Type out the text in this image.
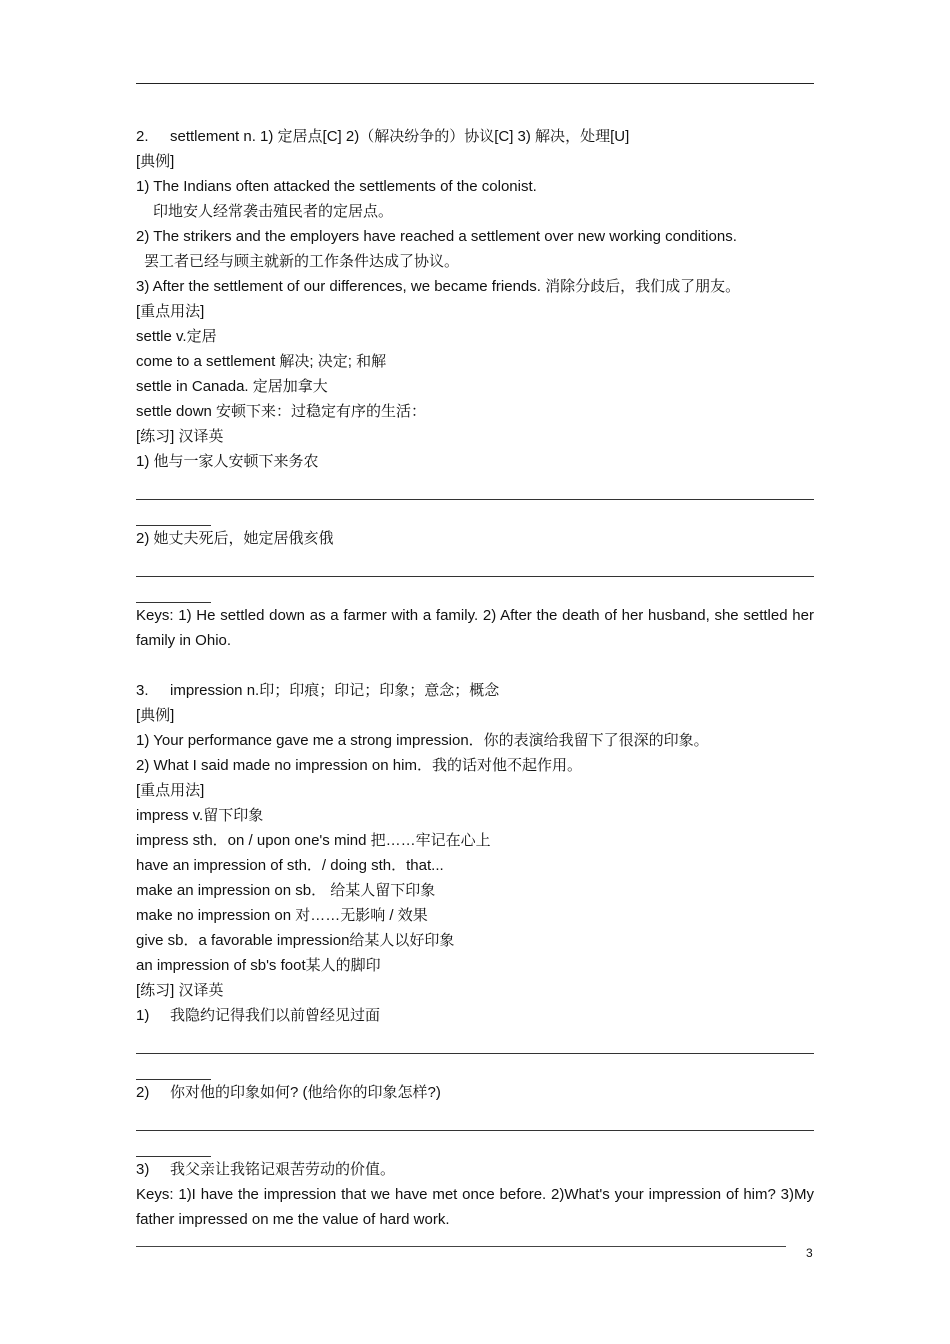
2. settlement n. 1) 定居点[C] 2)（解决纷争的）协议[C] 3) 解决，处理[U]
[典例]
1) The Indians often attacked the settlements of the colonist.
印地安人经常袭击殖民者的定居点。
2) The strikers and the employers have reached a settlement over new working conditions.
罢工者已经与顾主就新的工作条件达成了协议。
3) After the settlement of our differences, we became friends. 消除分歧后，我们成了朋友。
[重点用法]
settle v.定居
come to a settlement 解决; 决定; 和解
settle in Canada. 定居加拿大
settle down 安顿下来：过稳定有序的生活：
[练习] 汉译英
1) 他与一家人安顿下来务农
2) 她丈夫死后，她定居俄亥俄
Keys: 1) He settled down as a farmer with a family. 2) After the death of her husband, she settled her family in Ohio.
3. impression n.印；印痕；印记；印象；意念；概念
[典例]
1) Your performance gave me a strong impression．你的表演给我留下了很深的印象。
2) What I said made no impression on him．我的话对他不起作用。
[重点用法]
impress v.留下印象
impress sth．on / upon one's mind 把……牢记在心上
have an impression of sth．/ doing sth．that...
make an impression on sb． 给某人留下印象
make no impression on 对……无影响 / 效果
give sb．a favorable impression给某人以好印象
an impression of sb's foot某人的脚印
[练习] 汉译英
1) 我隐约记得我们以前曾经见过面
2) 你对他的印象如何? (他给你的印象怎样?)
3) 我父亲让我铭记艰苦劳动的价值。
Keys: 1)I have the impression that we have met once before. 2)What's your impression of him? 3)My father impressed on me the value of hard work.
3
